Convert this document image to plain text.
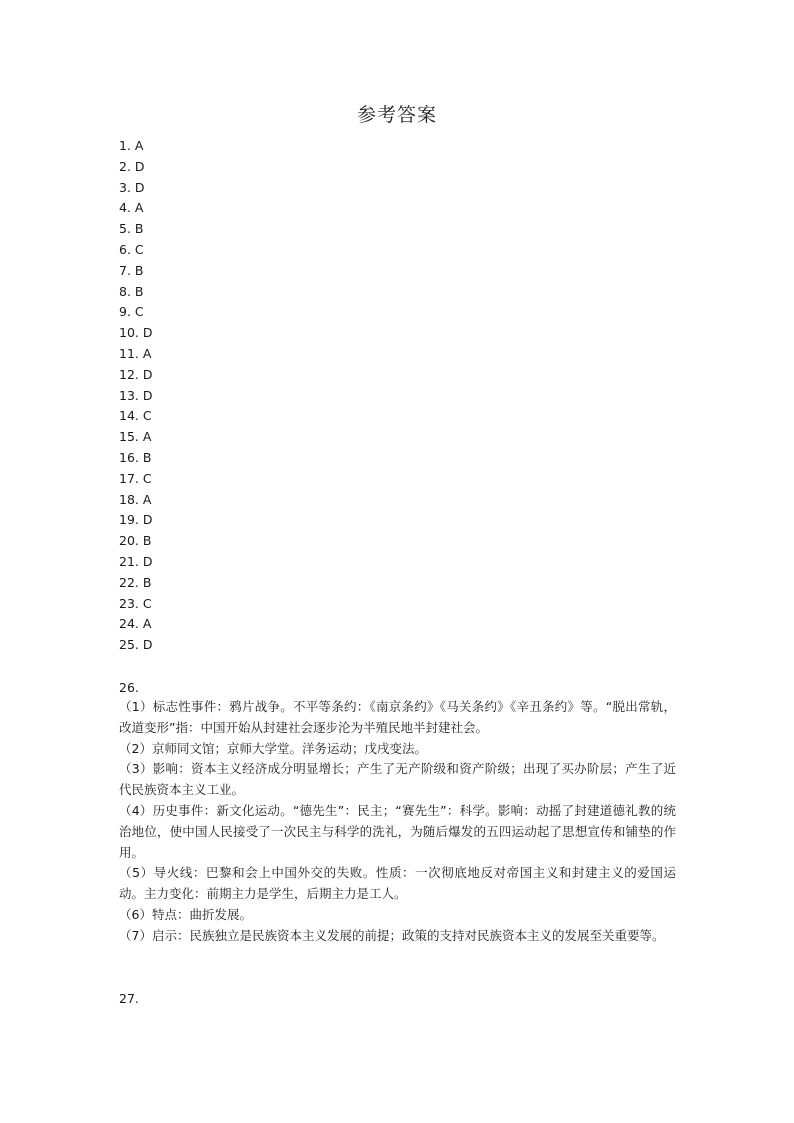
参考答案
1. A
2. D
3. D
4. A
5. B
6. C
7. B
8. B
9. C
10. D
11. A
12. D
13. D
14. C
15. A
16. B
17. C
18. A
19. D
20. B
21. D
22. B
23. C
24. A
25. D
26.

（1）标志性事件：鸦片战争。不平等条约：《南京条约》《马关条约》《辛丑条约》等。“脱出常轨，改道变形”指：中国开始从封建社会逐步沦为半殖民地半封建社会。

（2）京师同文馆；京师大学堂。洋务运动；戊戌变法。

（3）影响：资本主义经济成分明显增长；产生了无产阶级和资产阶级；出现了买办阶层；产生了近代民族资本主义工业。

（4）历史事件：新文化运动。“德先生”：民主；“赛先生”：科学。影响：动摇了封建道德礼教的统治地位，使中国人民接受了一次民主与科学的洗礼，为随后爆发的五四运动起了思想宣传和铺垫的作用。

（5）导火线：巴黎和会上中国外交的失败。性质：一次彻底地反对帝国主义和封建主义的爱国运动。主力变化：前期主力是学生，后期主力是工人。

（6）特点：曲折发展。

（7）启示：民族独立是民族资本主义发展的前提；政策的支持对民族资本主义的发展至关重要等。

27.
